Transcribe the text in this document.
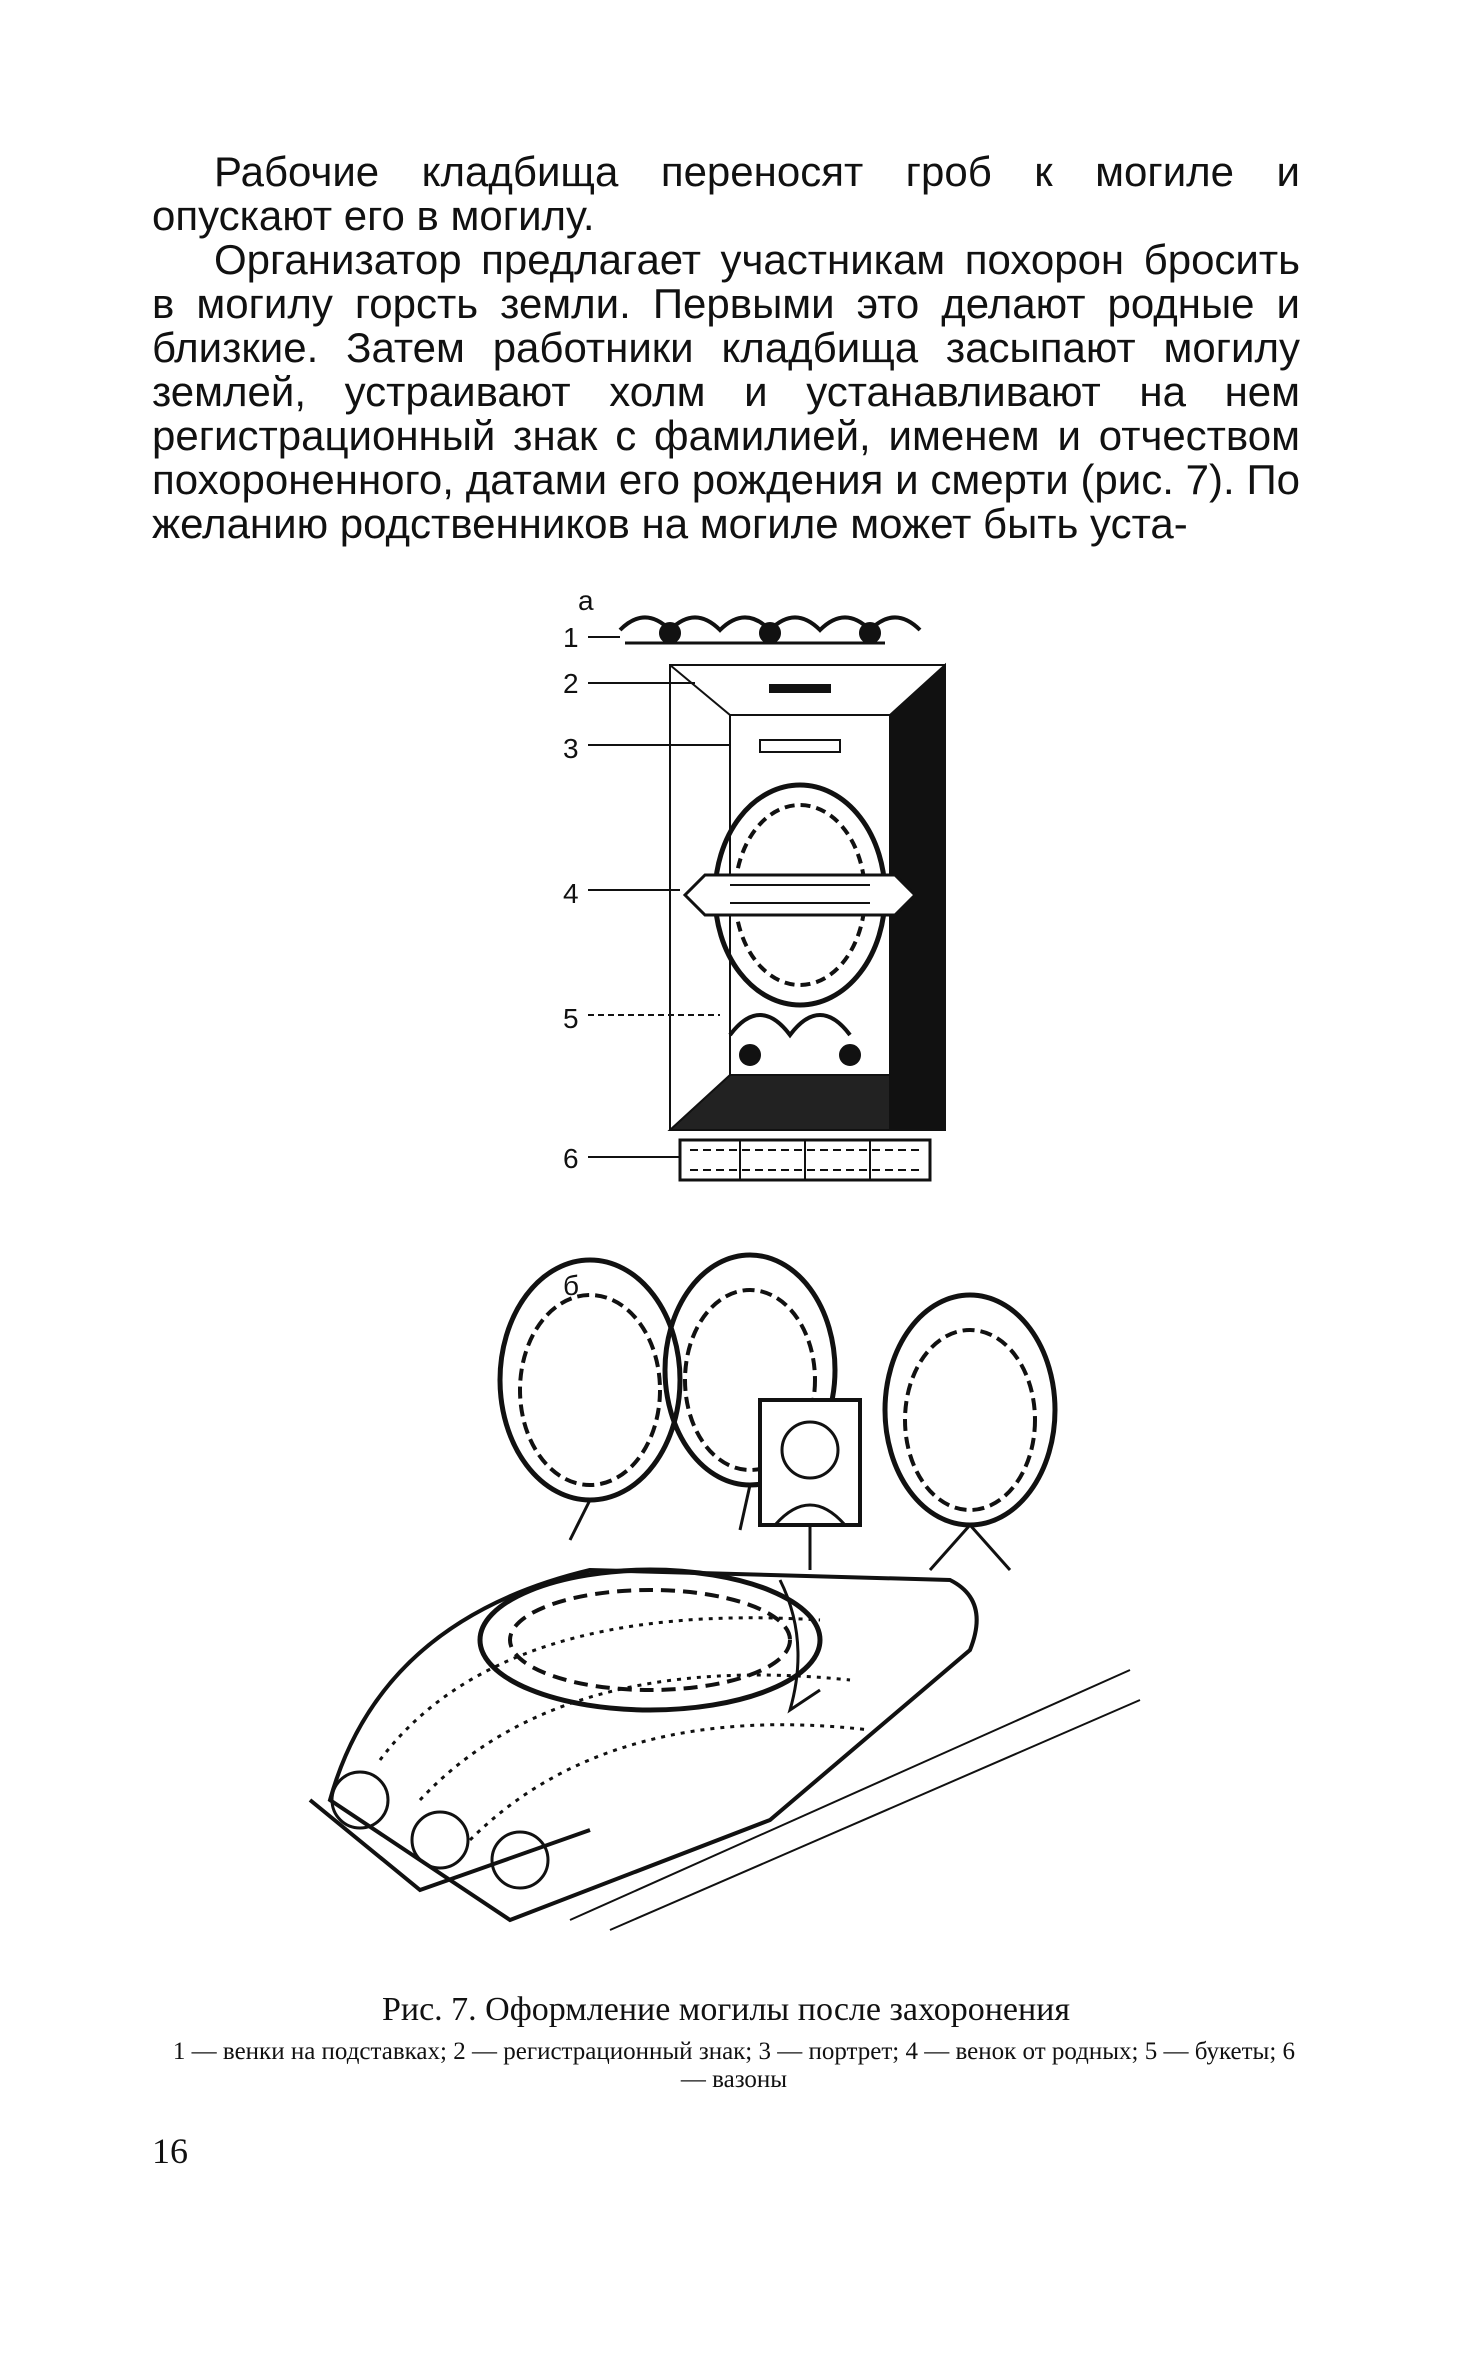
Рабочие кладбища переносят гроб к могиле и опускают его в могилу.

Организатор предлагает участникам похорон бросить в могилу горсть земли. Первыми это делают родные и близкие. Затем работники кладбища засыпают могилу землей, устраивают холм и устанавливают на нем регистрационный знак с фамилией, именем и отчеством похороненного, датами его рождения и смерти (рис. 7). По желанию родственников на могиле может быть уста-

а
1
2
3
4
5
6
б
Рис. 7. Оформление могилы после захоронения
1 — венки на подставках; 2 — регистрационный знак; 3 — портрет; 4 — венок от родных; 5 — букеты; 6 — вазоны
16
